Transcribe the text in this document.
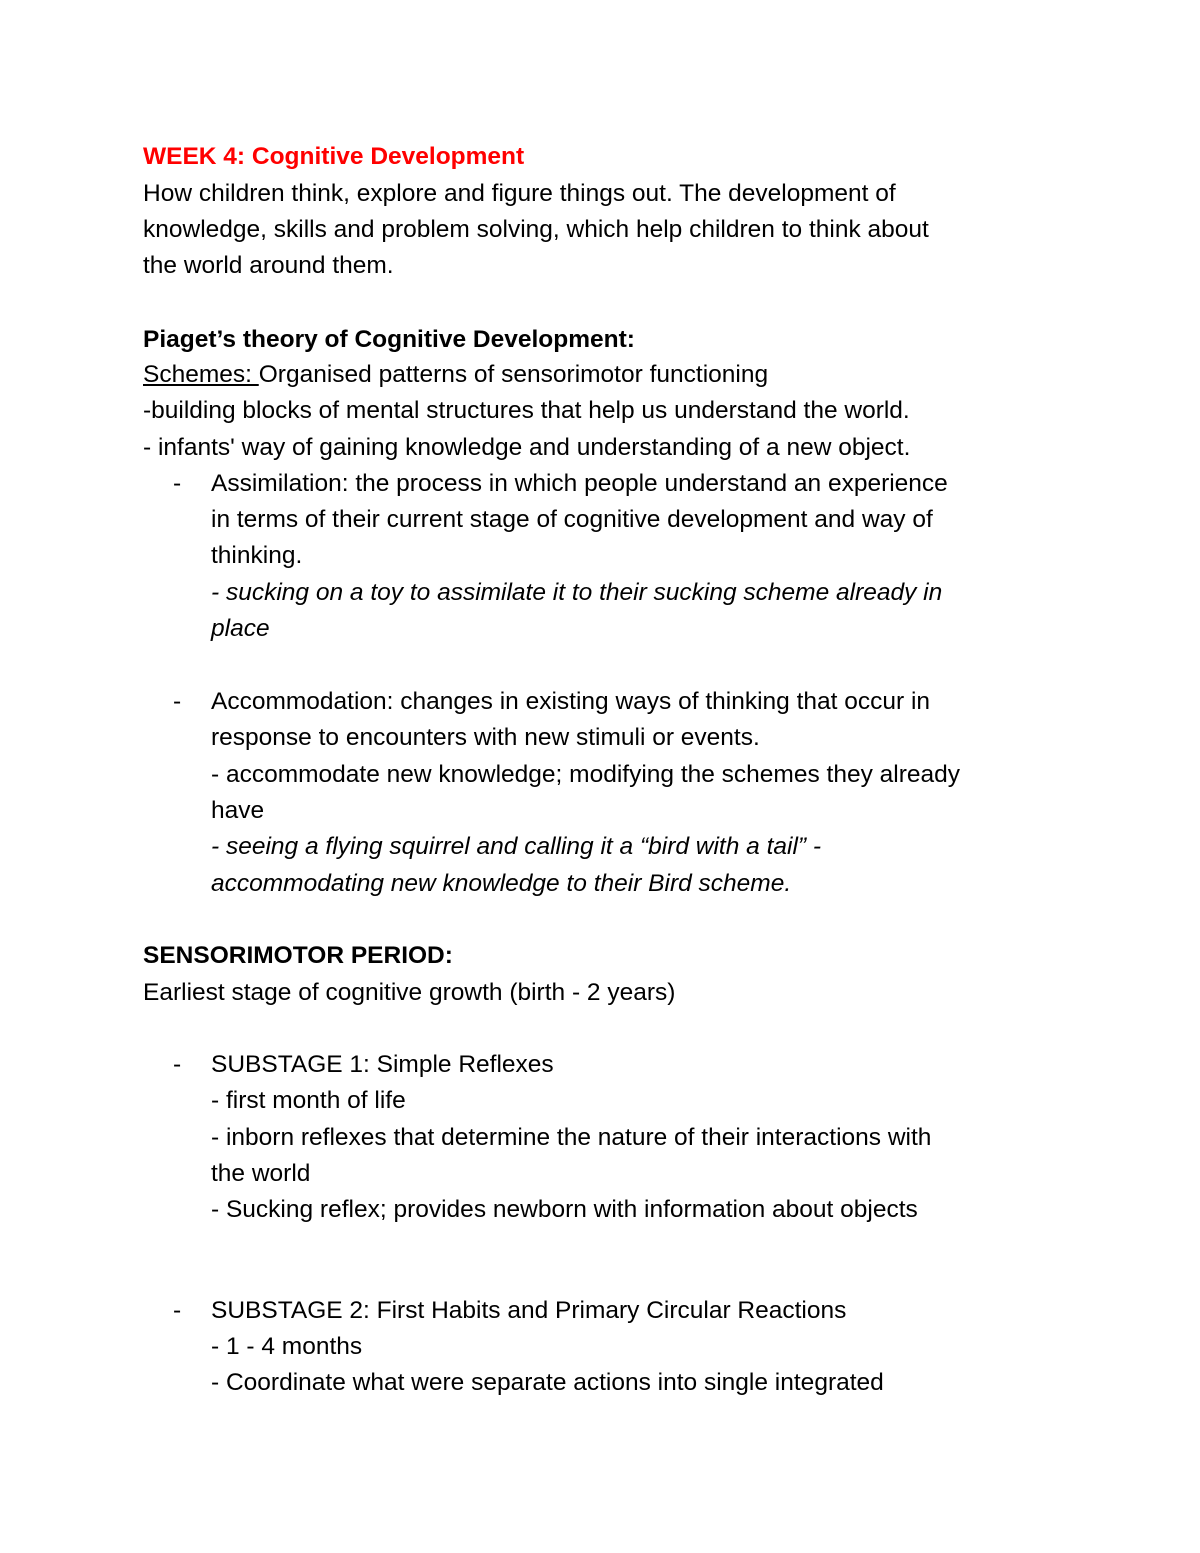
WEEK 4: Cognitive Development
How children think, explore and figure things out. The development of
knowledge, skills and problem solving, which help children to think about
the world around them.
Piaget’s theory of Cognitive Development:
Schemes: Organised patterns of sensorimotor functioning
-building blocks of mental structures that help us understand the world.
- infants' way of gaining knowledge and understanding of a new object.
- Assimilation: the process in which people understand an experience
in terms of their current stage of cognitive development and way of
thinking.
- sucking on a toy to assimilate it to their sucking scheme already in
place
- Accommodation: changes in existing ways of thinking that occur in
response to encounters with new stimuli or events.
- accommodate new knowledge; modifying the schemes they already
have
- seeing a flying squirrel and calling it a “bird with a tail” -
accommodating new knowledge to their Bird scheme.
SENSORIMOTOR PERIOD:
Earliest stage of cognitive growth (birth - 2 years)
- SUBSTAGE 1: Simple Reflexes
- first month of life
- inborn reflexes that determine the nature of their interactions with
the world
- Sucking reflex; provides newborn with information about objects
- SUBSTAGE 2: First Habits and Primary Circular Reactions
- 1 - 4 months
- Coordinate what were separate actions into single integrated
